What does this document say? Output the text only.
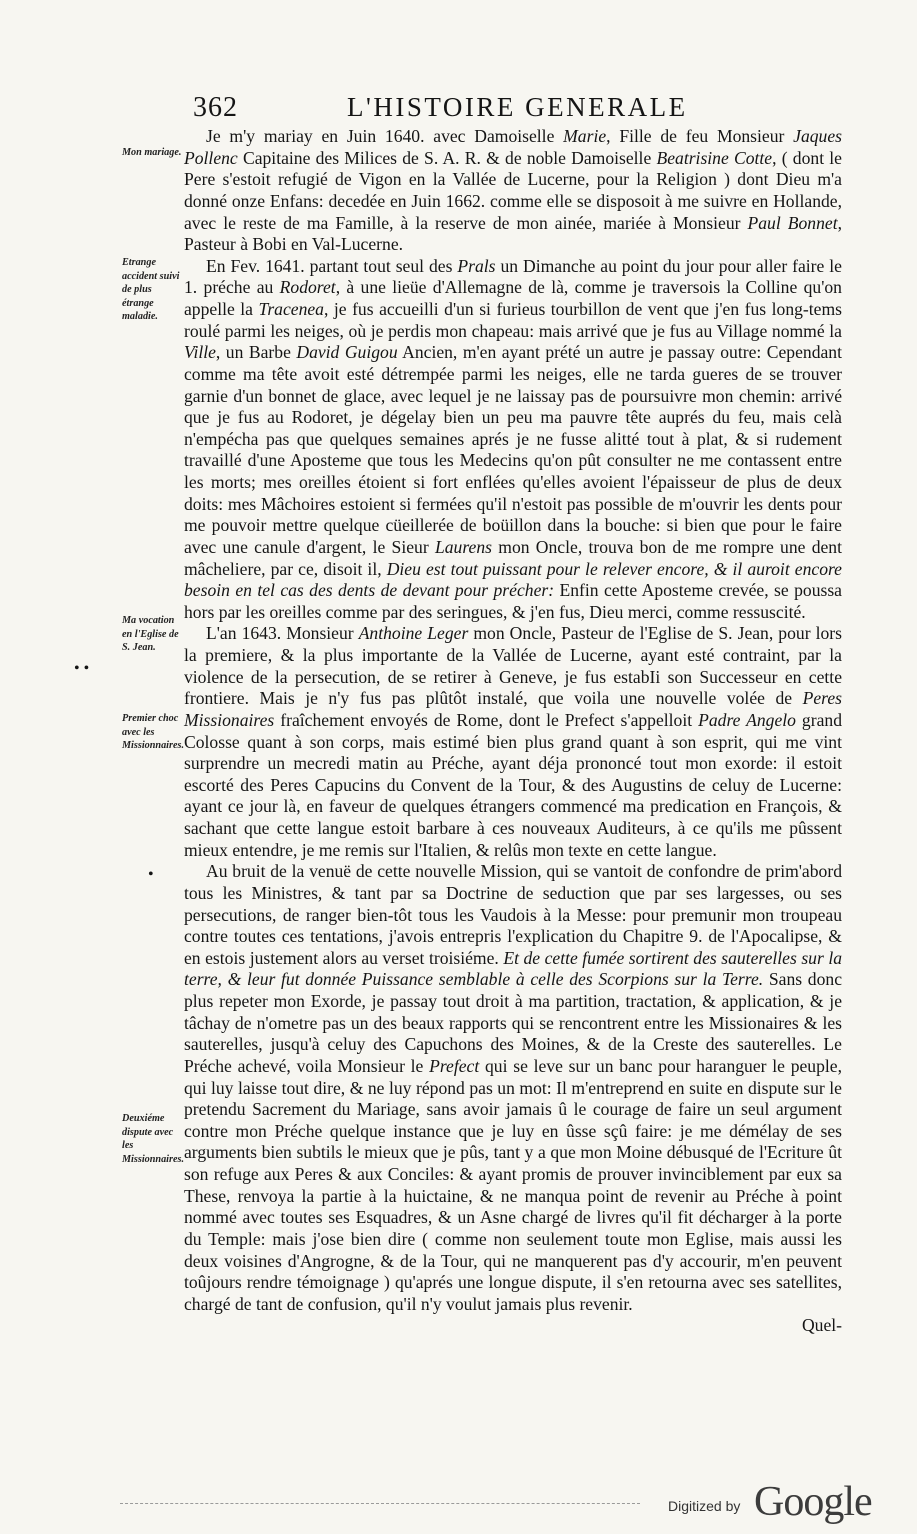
362	L'HISTOIRE GENERALE
Mon mariage.
Etrange accident suivi de plus étrange maladie.
Ma vocation en l'Eglise de S. Jean.
Premier choc avec les Missionnaires.
Deuxiéme dispute avec les Missionnaires.
• •
•

Je m'y mariay en Juin 1640. avec Damoiselle Marie, Fille de feu Monsieur Jaques Pollenc Capitaine des Milices de S. A. R. & de noble Damoiselle Beatrisine Cotte, ( dont le Pere s'estoit refugié de Vigon en la Vallée de Lucerne, pour la Religion ) dont Dieu m'a donné onze Enfans: decedée en Juin 1662. comme elle se disposoit à me suivre en Hollande, avec le reste de ma Famille, à la reserve de mon ainée, mariée à Monsieur Paul Bonnet, Pasteur à Bobi en Val-Lucerne.

En Fev. 1641. partant tout seul des Prals un Dimanche au point du jour pour aller faire le 1. préche au Rodoret, à une lieüe d'Allemagne de là, comme je traversois la Colline qu'on appelle la Tracenea, je fus accueilli d'un si furieus tourbillon de vent que j'en fus long-tems roulé parmi les neiges, où je perdis mon chapeau: mais arrivé que je fus au Village nommé la Ville, un Barbe David Guigou Ancien, m'en ayant prété un autre je passay outre: Cependant comme ma tête avoit esté détrempée parmi les neiges, elle ne tarda gueres de se trouver garnie d'un bonnet de glace, avec lequel je ne laissay pas de poursuivre mon chemin: arrivé que je fus au Rodoret, je dégelay bien un peu ma pauvre tête auprés du feu, mais celà n'empécha pas que quelques semaines aprés je ne fusse alitté tout à plat, & si rudement travaillé d'une Aposteme que tous les Medecins qu'on pût consulter ne me contassent entre les morts; mes oreilles étoient si fort enflées qu'elles avoient l'épaisseur de plus de deux doits: mes Mâchoires estoient si fermées qu'il n'estoit pas possible de m'ouvrir les dents pour me pouvoir mettre quelque cüeillerée de boüillon dans la bouche: si bien que pour le faire avec une canule d'argent, le Sieur Laurens mon Oncle, trouva bon de me rompre une dent mâcheliere, par ce, disoit il, Dieu est tout puissant pour le relever encore, & il auroit encore besoin en tel cas des dents de devant pour précher: Enfin cette Aposteme crevée, se poussa hors par les oreilles comme par des seringues, & j'en fus, Dieu merci, comme ressuscité.

L'an 1643. Monsieur Anthoine Leger mon Oncle, Pasteur de l'Eglise de S. Jean, pour lors la premiere, & la plus importante de la Vallée de Lucerne, ayant esté contraint, par la violence de la persecution, de se retirer à Geneve, je fus estabIi son Successeur en cette frontiere. Mais je n'y fus pas plûtôt instalé, que voila une nouvelle volée de Peres Missionaires fraîchement envoyés de Rome, dont le Prefect s'appelloit Padre Angelo grand Colosse quant à son corps, mais estimé bien plus grand quant à son esprit, qui me vint surprendre un mecredi matin au Préche, ayant déja prononcé tout mon exorde: il estoit escorté des Peres Capucins du Convent de la Tour, & des Augustins de celuy de Lucerne: ayant ce jour là, en faveur de quelques étrangers commencé ma predication en François, & sachant que cette langue estoit barbare à ces nouveaux Auditeurs, à ce qu'ils me pûssent mieux entendre, je me remis sur l'Italien, & relûs mon texte en cette langue.

Au bruit de la venuë de cette nouvelle Mission, qui se vantoit de confondre de prim'abord tous les Ministres, & tant par sa Doctrine de seduction que par ses largesses, ou ses persecutions, de ranger bien-tôt tous les Vaudois à la Messe: pour premunir mon troupeau contre toutes ces tentations, j'avois entrepris l'explication du Chapitre 9. de l'Apocalipse, & en estois justement alors au verset troisiéme. Et de cette fumée sortirent des sauterelles sur la terre, & leur fut donnée Puissance semblable à celle des Scorpions sur la Terre. Sans donc plus repeter mon Exorde, je passay tout droit à ma partition, tractation, & application, & je tâchay de n'ometre pas un des beaux rapports qui se rencontrent entre les Missionaires & les sauterelles, jusqu'à celuy des Capuchons des Moines, & de la Creste des sauterelles. Le Préche achevé, voila Monsieur le Prefect qui se leve sur un banc pour haranguer le peuple, qui luy laisse tout dire, & ne luy répond pas un mot: Il m'entreprend en suite en dispute sur le pretendu Sacrement du Mariage, sans avoir jamais û le courage de faire un seul argument contre mon Préche quelque instance que je luy en ûsse sçû faire: je me démélay de ses arguments bien subtils le mieux que je pûs, tant y a que mon Moine débusqué de l'Ecriture ût son refuge aux Peres & aux Conciles: & ayant promis de prouver invinciblement par eux sa These, renvoya la partie à la huictaine, & ne manqua point de revenir au Préche à point nommé avec toutes ses Esquadres, & un Asne chargé de livres qu'il fit décharger à la porte du Temple: mais j'ose bien dire ( comme non seulement toute mon Eglise, mais aussi les deux voisines d'Angrogne, & de la Tour, qui ne manquerent pas d'y accourir, m'en peuvent toûjours rendre témoignage ) qu'aprés une longue dispute, il s'en retourna avec ses satellites, chargé de tant de confusion, qu'il n'y voulut jamais plus revenir.

Quel-
Digitized by Google
